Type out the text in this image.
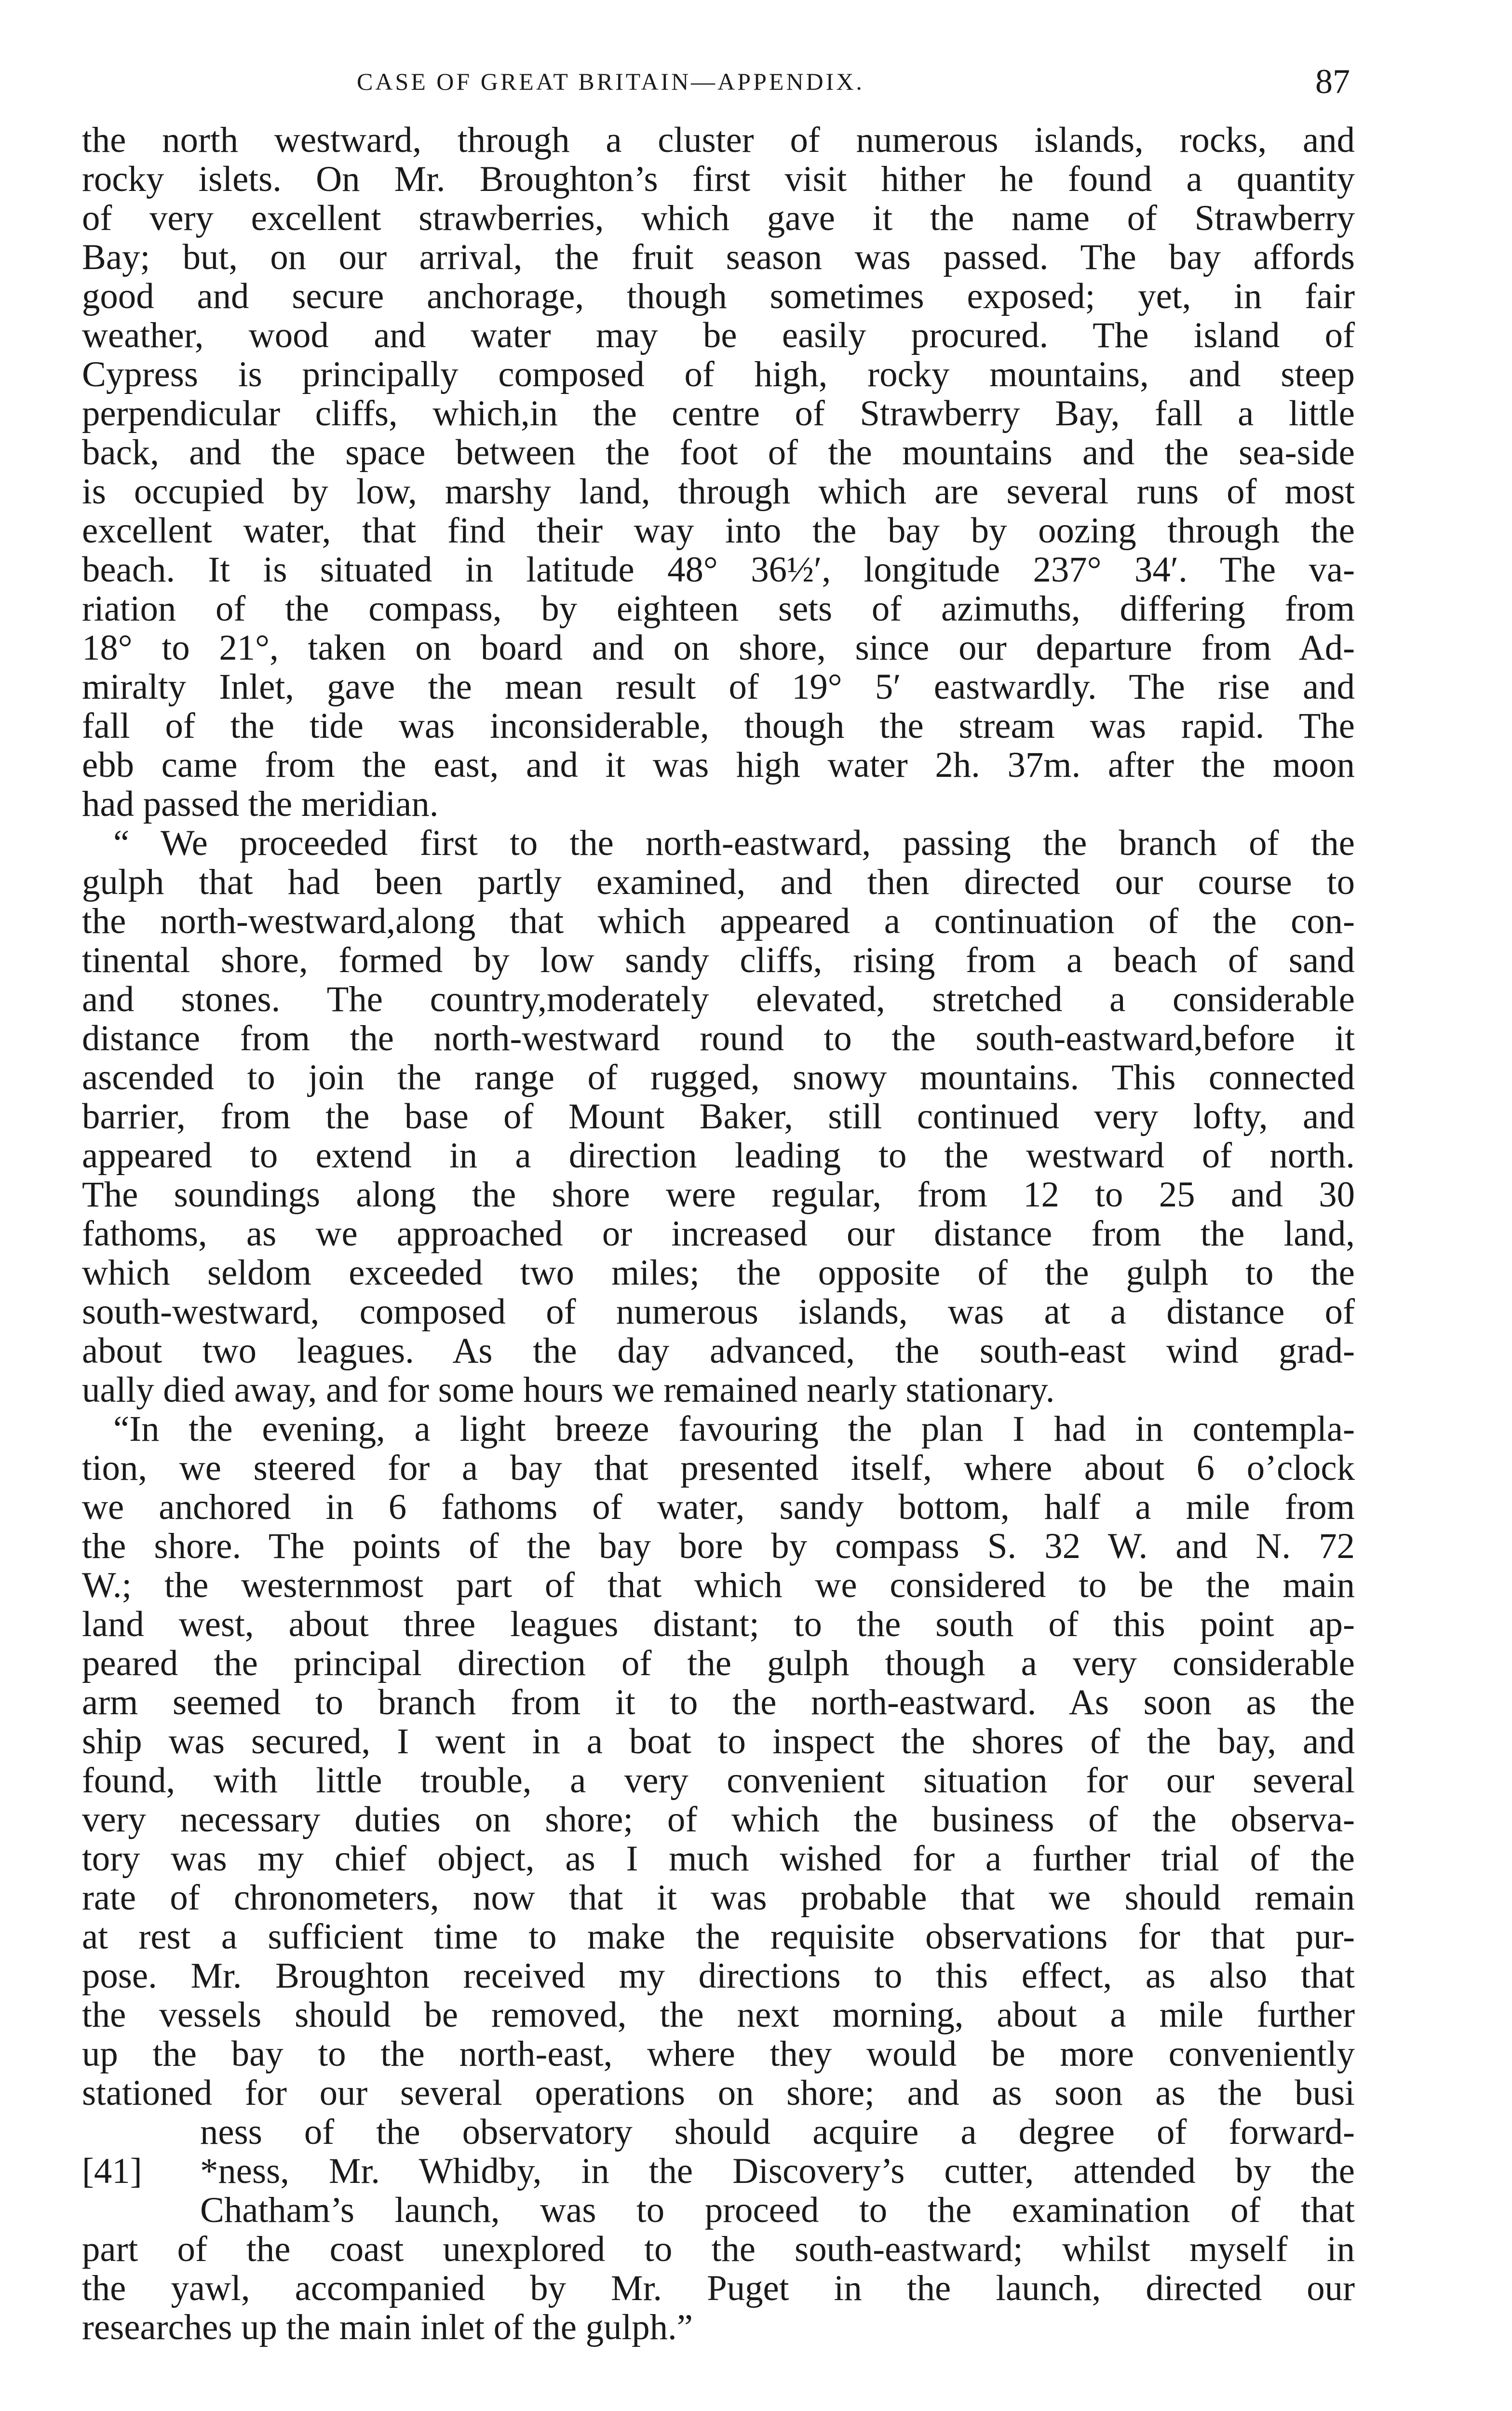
CASE OF GREAT BRITAIN—APPENDIX.	87
the north westward, through a cluster of numerous islands, rocks, and
rocky islets. On Mr. Broughton’s first visit hither he found a quantity
of very excellent strawberries, which gave it the name of Strawberry
Bay; but, on our arrival, the fruit season was passed. The bay affords
good and secure anchorage, though sometimes exposed; yet, in fair
weather, wood and water may be easily procured. The island of
Cypress is principally composed of high, rocky mountains, and steep
perpendicular cliffs, which,in the centre of Strawberry Bay, fall a little
back, and the space between the foot of the mountains and the sea-side
is occupied by low, marshy land, through which are several runs of most
excellent water, that find their way into the bay by oozing through the
beach. It is situated in latitude 48° 36½′, longitude 237° 34′. The va-
riation of the compass, by eighteen sets of azimuths, differing from
18° to 21°, taken on board and on shore, since our departure from Ad-
miralty Inlet, gave the mean result of 19° 5′ eastwardly. The rise and
fall of the tide was inconsiderable, though the stream was rapid. The
ebb came from the east, and it was high water 2h. 37m. after the moon
had passed the meridian.
“ We proceeded first to the north-eastward, passing the branch of the
gulph that had been partly examined, and then directed our course to
the north-westward,along that which appeared a continuation of the con-
tinental shore, formed by low sandy cliffs, rising from a beach of sand
and stones. The country,moderately elevated, stretched a considerable
distance from the north-westward round to the south-eastward,before it
ascended to join the range of rugged, snowy mountains. This connected
barrier, from the base of Mount Baker, still continued very lofty, and
appeared to extend in a direction leading to the westward of north.
The soundings along the shore were regular, from 12 to 25 and 30
fathoms, as we approached or increased our distance from the land,
which seldom exceeded two miles; the opposite of the gulph to the
south-westward, composed of numerous islands, was at a distance of
about two leagues. As the day advanced, the south-east wind grad-
ually died away, and for some hours we remained nearly stationary.
“In the evening, a light breeze favouring the plan I had in contempla-
tion, we steered for a bay that presented itself, where about 6 o’clock
we anchored in 6 fathoms of water, sandy bottom, half a mile from
the shore. The points of the bay bore by compass S. 32 W. and N. 72
W.; the westernmost part of that which we considered to be the main
land west, about three leagues distant; to the south of this point ap-
peared the principal direction of the gulph though a very considerable
arm seemed to branch from it to the north-eastward. As soon as the
ship was secured, I went in a boat to inspect the shores of the bay, and
found, with little trouble, a very convenient situation for our several
very necessary duties on shore; of which the business of the observa-
tory was my chief object, as I much wished for a further trial of the
rate of chronometers, now that it was probable that we should remain
at rest a sufficient time to make the requisite observations for that pur-
pose. Mr. Broughton received my directions to this effect, as also that
the vessels should be removed, the next morning, about a mile further
up the bay to the north-east, where they would be more conveniently
stationed for our several operations on shore; and as soon as the busi
ness of the observatory should acquire a degree of forward-
[41] *ness, Mr. Whidby, in the Discovery’s cutter, attended by the
Chatham’s launch, was to proceed to the examination of that
part of the coast unexplored to the south-eastward; whilst myself in
the yawl, accompanied by Mr. Puget in the launch, directed our
researches up the main inlet of the gulph.”
